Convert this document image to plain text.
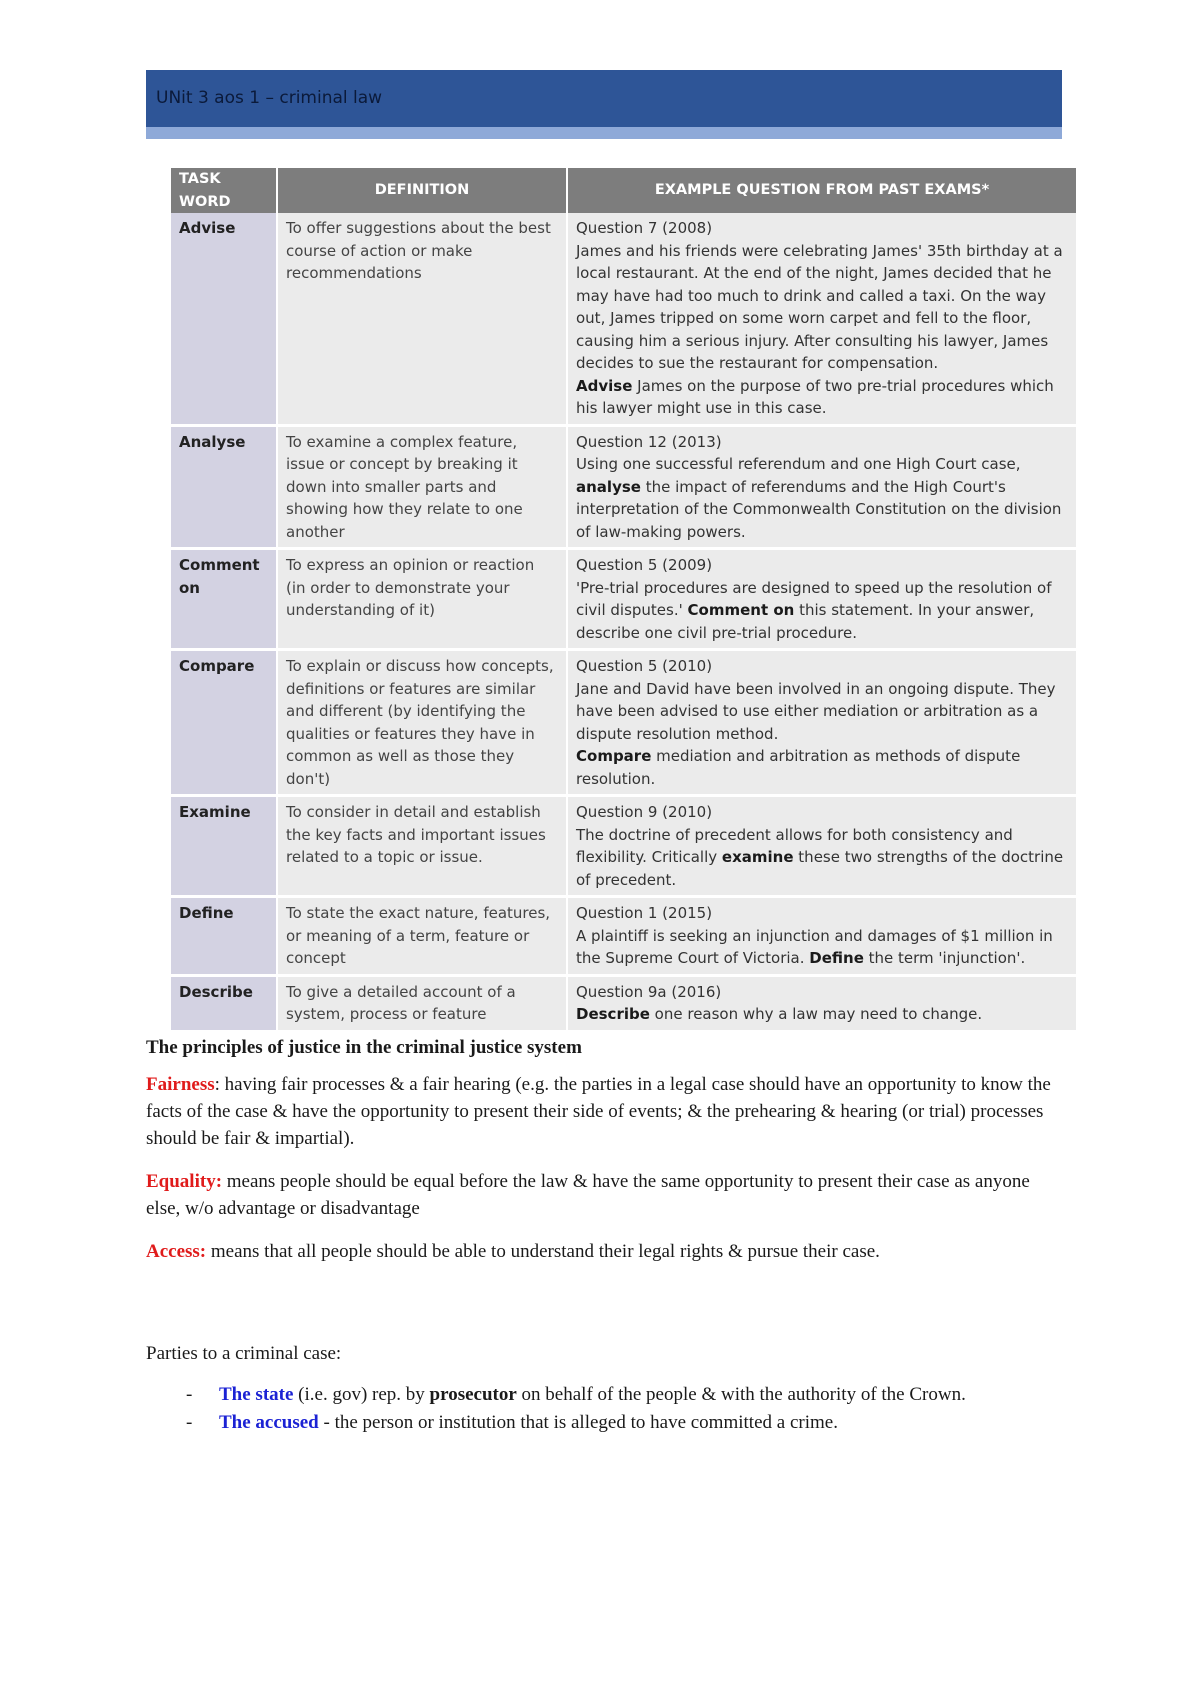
UNit 3 aos 1 – criminal law
TASK WORD	DEFINITION	EXAMPLE QUESTION FROM PAST EXAMS*
Advise	To offer suggestions about the best course of action or make recommendations	Question 7 (2008)
James and his friends were celebrating James' 35th birthday at a local restaurant. At the end of the night, James decided that he may have had too much to drink and called a taxi. On the way out, James tripped on some worn carpet and fell to the floor, causing him a serious injury. After consulting his lawyer, James decides to sue the restaurant for compensation.
Advise James on the purpose of two pre-trial procedures which his lawyer might use in this case.
Analyse	To examine a complex feature, issue or concept by breaking it down into smaller parts and showing how they relate to one another	Question 12 (2013)
Using one successful referendum and one High Court case, analyse the impact of referendums and the High Court's interpretation of the Commonwealth Constitution on the division of law-making powers.
Comment on	To express an opinion or reaction (in order to demonstrate your understanding of it)	Question 5 (2009)
'Pre-trial procedures are designed to speed up the resolution of civil disputes.' Comment on this statement. In your answer, describe one civil pre-trial procedure.
Compare	To explain or discuss how concepts, definitions or features are similar and different (by identifying the qualities or features they have in common as well as those they don't)	Question 5 (2010)
Jane and David have been involved in an ongoing dispute. They have been advised to use either mediation or arbitration as a dispute resolution method.
Compare mediation and arbitration as methods of dispute resolution.
Examine	To consider in detail and establish the key facts and important issues related to a topic or issue.	Question 9 (2010)
The doctrine of precedent allows for both consistency and flexibility. Critically examine these two strengths of the doctrine of precedent.
Define	To state the exact nature, features, or meaning of a term, feature or concept	Question 1 (2015)
A plaintiff is seeking an injunction and damages of $1 million in the Supreme Court of Victoria. Define the term 'injunction'.
Describe	To give a detailed account of a system, process or feature	Question 9a (2016)
Describe one reason why a law may need to change.
The principles of justice in the criminal justice system

Fairness: having fair processes & a fair hearing (e.g. the parties in a legal case should have an opportunity to know the facts of the case & have the opportunity to present their side of events; & the prehearing & hearing (or trial) processes should be fair & impartial).

Equality: means people should be equal before the law & have the same opportunity to present their case as anyone else, w/o advantage or disadvantage

Access: means that all people should be able to understand their legal rights & pursue their case.

Parties to a criminal case:

- The state (i.e. gov) rep. by prosecutor on behalf of the people & with the authority of the Crown.
- The accused - the person or institution that is alleged to have committed a crime.
